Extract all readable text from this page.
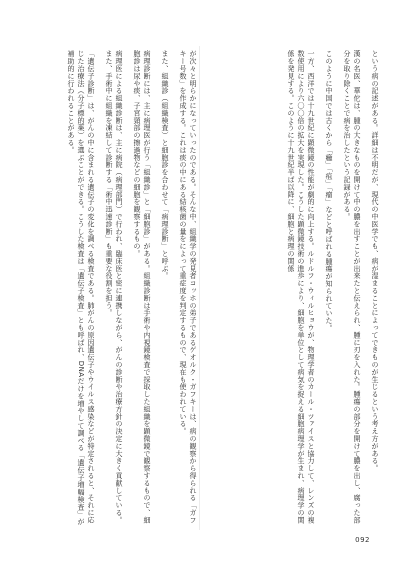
という病の記述がある。詳細は不明だが、現代の中医学でも、病が湿まることによってできものが生じるという考え方がある。
漢の名医、華佗は、腫の大きなものを開けて中の膿を出すことが出来たと伝えられ、腫に刃を入れた。腫瘍の部分を開けて膿を出し、腐った部分を取り除くことで病を治したという記録がある。
このように中国では古くから「癰」「疽」「瘤」などと呼ばれる腫瘍が知られていた。
一方、西洋では十九世紀に顕微鏡の性能が劇的に向上する。ルドルフ・ウィルヒョウが、物理学者のカール・ツァイスと協力して、レンズの複数使用により六〇〇倍の拡大を実現した。こうした顕微鏡技術の進歩により、細胞を単位として病気を捉える細胞病理学が生まれ、病理学の関係を発見する。このように十九世紀半ば以降に、細胞と病理の関係
が次々と明らかになっていったのである。そんな中、組織学の発見者コッホの弟子であるゲオルク・ガフキーは、病の観察から得られる「ガフキー号数」を作成する。これは痰の中にある結核菌の量をによって重症度を判定するもので、現在も使われている。
また、組織診（組織検査）と細胞診を合わせて「病理診断」と呼ぶ。
病理診断には、主に病理医が行う「組織診」と「細胞診」がある。組織診断は手術や内視鏡検査で採取した組織を顕微鏡で観察するもので、細胞診は尿や痰、子宮頸部の擦過物などの細胞を観察するもの。
病理医による組織診断は、主に病院（病理部門）で行われ、臨床医と密に連携しながら、がんの診断や治療方針の決定に大きく貢献している。また、手術中に組織を凍結して診断する「術中迅速診断」も重要な役割を担う。
「遺伝子診断」は、がんの中に含まれる遺伝子の変化を調べる検査である。肺がんの原因遺伝子やウイルス感染などが特定されると、それに応じた治療法（分子標的薬）を選ぶことができる。こうした検査は「遺伝子検査」とも呼ばれ、DNAだけを増やして調べる「遺伝子増幅検査」が補助的に行われることがある。
092
